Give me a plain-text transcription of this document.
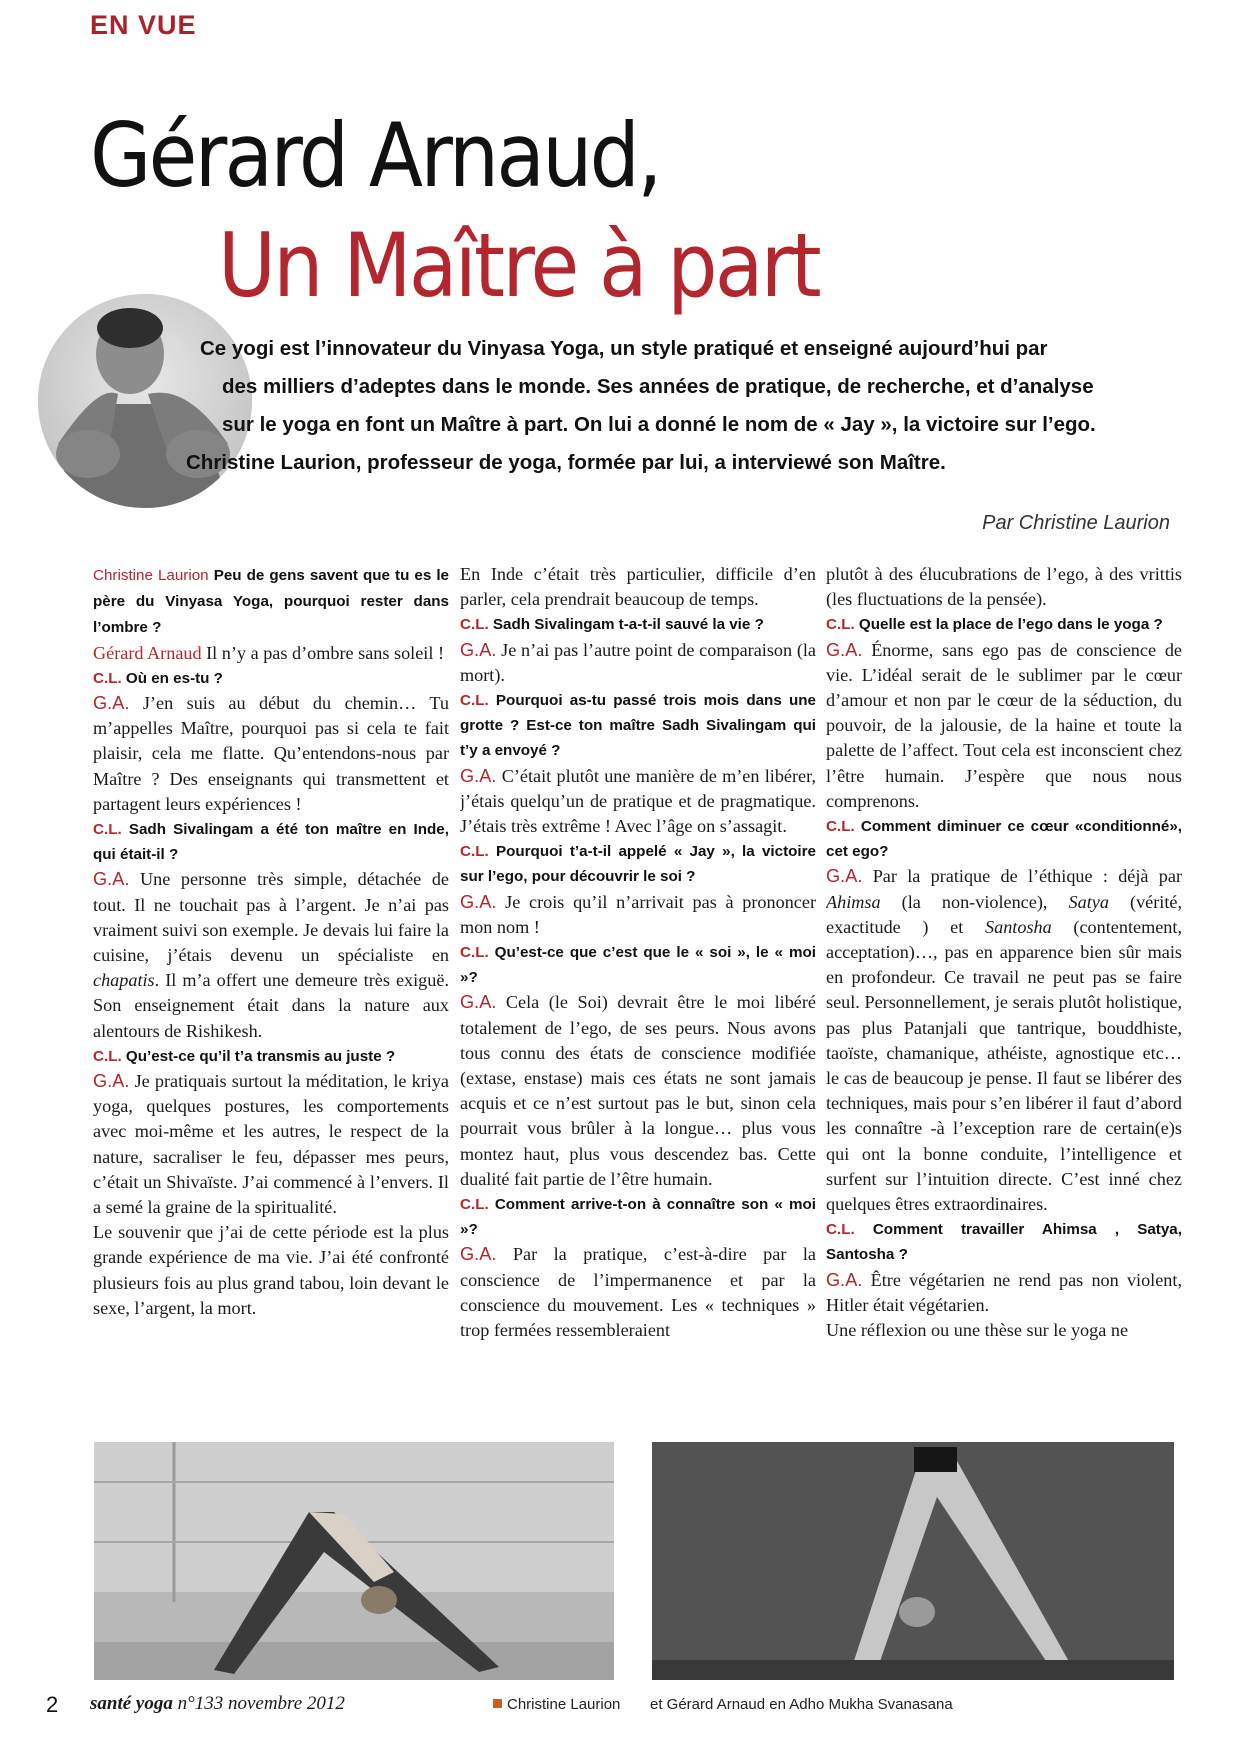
EN VUE
Gérard Arnaud,
Un Maître à part
Ce yogi est l’innovateur du Vinyasa Yoga, un style pratiqué et enseigné aujourd’hui par
des milliers d’adeptes dans le monde. Ses années de pratique, de recherche, et d’analyse
sur le yoga en font un Maître à part. On lui a donné le nom de « Jay », la victoire sur l’ego.
Christine Laurion, professeur de yoga, formée par lui, a interviewé son Maître.
Par Christine Laurion

Christine Laurion Peu de gens savent que tu es le père du Vinyasa Yoga, pourquoi rester dans l’ombre ?

Gérard Arnaud Il n’y a pas d’ombre sans soleil !

C.L. Où en es-tu ?

G.A. J’en suis au début du chemin… Tu m’appelles Maître, pourquoi pas si cela te fait plaisir, cela me flatte. Qu’entendons-nous par Maître ? Des enseignants qui transmettent et partagent leurs expériences !

C.L. Sadh Sivalingam a été ton maître en Inde, qui était-il ?

G.A. Une personne très simple, détachée de tout. Il ne touchait pas à l’argent. Je n’ai pas vraiment suivi son exemple. Je devais lui faire la cuisine, j’étais devenu un spécialiste en chapatis. Il m’a offert une demeure très exiguë. Son enseignement était dans la nature aux alentours de Rishikesh.

C.L. Qu’est-ce qu’il t’a transmis au juste ?

G.A. Je pratiquais surtout la méditation, le kriya yoga, quelques postures, les comportements avec moi-même et les autres, le respect de la nature, sacraliser le feu, dépasser mes peurs, c’était un Shivaïste. J’ai commencé à l’envers. Il a semé la graine de la spiritualité.

Le souvenir que j’ai de cette période est la plus grande expérience de ma vie. J’ai été confronté plusieurs fois au plus grand tabou, loin devant le sexe, l’argent, la mort.

En Inde c’était très particulier, difficile d’en parler, cela prendrait beaucoup de temps.

C.L. Sadh Sivalingam t-a-t-il sauvé la vie ?

G.A. Je n’ai pas l’autre point de comparaison (la mort).

C.L. Pourquoi as-tu passé trois mois dans une grotte ? Est-ce ton maître Sadh Sivalingam qui t’y a envoyé ?

G.A. C’était plutôt une manière de m’en libérer, j’étais quelqu’un de pratique et de pragmatique. J’étais très extrême ! Avec l’âge on s’assagit.

C.L. Pourquoi t’a-t-il appelé « Jay », la victoire sur l’ego, pour découvrir le soi ?

G.A. Je crois qu’il n’arrivait pas à prononcer mon nom !

C.L. Qu’est-ce que c’est que le « soi », le « moi »?

G.A. Cela (le Soi) devrait être le moi libéré totalement de l’ego, de ses peurs. Nous avons tous connu des états de conscience modifiée (extase, enstase) mais ces états ne sont jamais acquis et ce n’est surtout pas le but, sinon cela pourrait vous brûler à la longue… plus vous montez haut, plus vous descendez bas. Cette dualité fait partie de l’être humain.

C.L. Comment arrive-t-on à connaître son « moi »?

G.A. Par la pratique, c’est-à-dire par la conscience de l’impermanence et par la conscience du mouvement. Les « techniques » trop fermées ressembleraient

plutôt à des élucubrations de l’ego, à des vrittis (les fluctuations de la pensée).

C.L. Quelle est la place de l’ego dans le yoga ?

G.A. Énorme, sans ego pas de conscience de vie. L’idéal serait de le sublimer par le cœur d’amour et non par le cœur de la séduction, du pouvoir, de la jalousie, de la haine et toute la palette de l’affect. Tout cela est inconscient chez l’être humain. J’espère que nous nous comprenons.

C.L. Comment diminuer ce cœur «conditionné», cet ego?

G.A. Par la pratique de l’éthique : déjà par Ahimsa (la non-violence), Satya (vérité, exactitude ) et Santosha (contentement, acceptation)…, pas en apparence bien sûr mais en profondeur. Ce travail ne peut pas se faire seul. Personnellement, je serais plutôt holistique, pas plus Patanjali que tantrique, bouddhiste, taoïste, chamanique, athéiste, agnostique etc… le cas de beaucoup je pense. Il faut se libérer des techniques, mais pour s’en libérer il faut d’abord les connaître -à l’exception rare de certain(e)s qui ont la bonne conduite, l’intelligence et surfent sur l’intuition directe. C’est inné chez quelques êtres extraordinaires.

C.L. Comment travailler Ahimsa , Satya, Santosha ?

G.A. Être végétarien ne rend pas non violent, Hitler était végétarien.

Une réflexion ou une thèse sur le yoga ne

2 santé yoga n°133 novembre 2012	Christine Laurion et Gérard Arnaud en Adho Mukha Svanasana
